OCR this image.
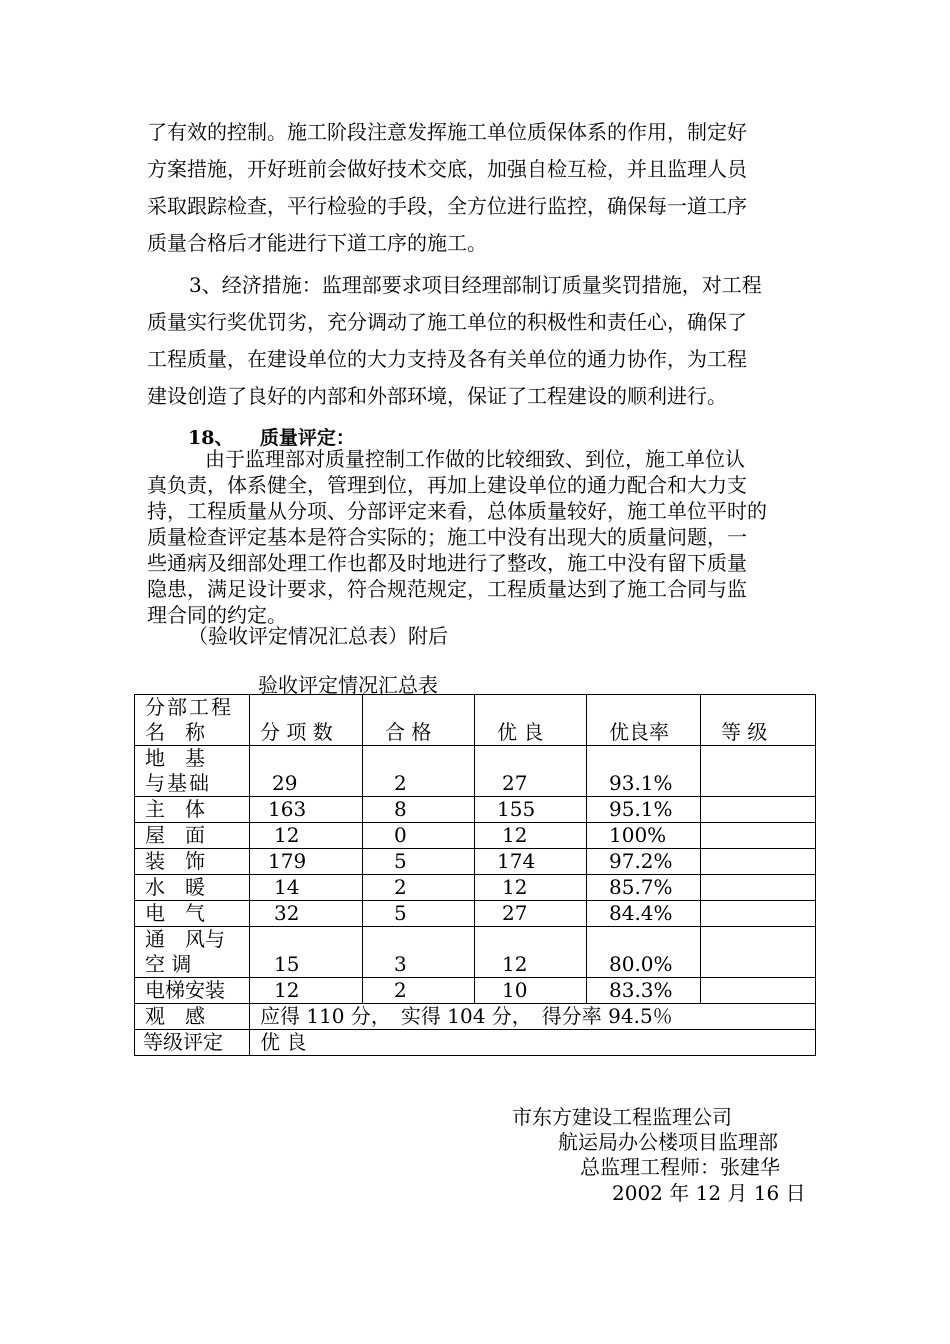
了有效的控制。施工阶段注意发挥施工单位质保体系的作用，制定好
方案措施，开好班前会做好技术交底，加强自检互检，并且监理人员
采取跟踪检查，平行检验的手段，全方位进行监控，确保每一道工序
质量合格后才能进行下道工序的施工。
3、经济措施：监理部要求项目经理部制订质量奖罚措施，对工程
质量实行奖优罚劣，充分调动了施工单位的积极性和责任心，确保了
工程质量，在建设单位的大力支持及各有关单位的通力协作，为工程
建设创造了良好的内部和外部环境，保证了工程建设的顺利进行。
18、 质量评定：
由于监理部对质量控制工作做的比较细致、到位，施工单位认
真负责，体系健全，管理到位，再加上建设单位的通力配合和大力支
持，工程质量从分项、分部评定来看，总体质量较好，施工单位平时的
质量检查评定基本是符合实际的；施工中没有出现大的质量问题，一
些通病及细部处理工作也都及时地进行了整改，施工中没有留下质量
隐患，满足设计要求，符合规范规定，工程质量达到了施工合同与监
理合同的约定。
（验收评定情况汇总表）附后
验收评定情况汇总表
分部工程
名　称	分 项 数	合 格	优 良	优良率	等 级

地　基
与基础	29	2	27	93.1%	
主　体	163	8	155	95.1%	
屋　面	12	0	12	100%	
装　饰	179	5	174	97.2%	
水　暖	14	2	12	85.7%	
电　气	32	5	27	84.4%	

通　风与
空 调	15	3	12	80.0%	
电梯安装	12	2	10	83.3%	
观　感	应得 110 分，　实得 104 分，　得分率 94.5％				
等级评定	优 良				
市东方建设工程监理公司
航运局办公楼项目监理部
总监理工程师：张建华
2002 年 12 月 16 日
